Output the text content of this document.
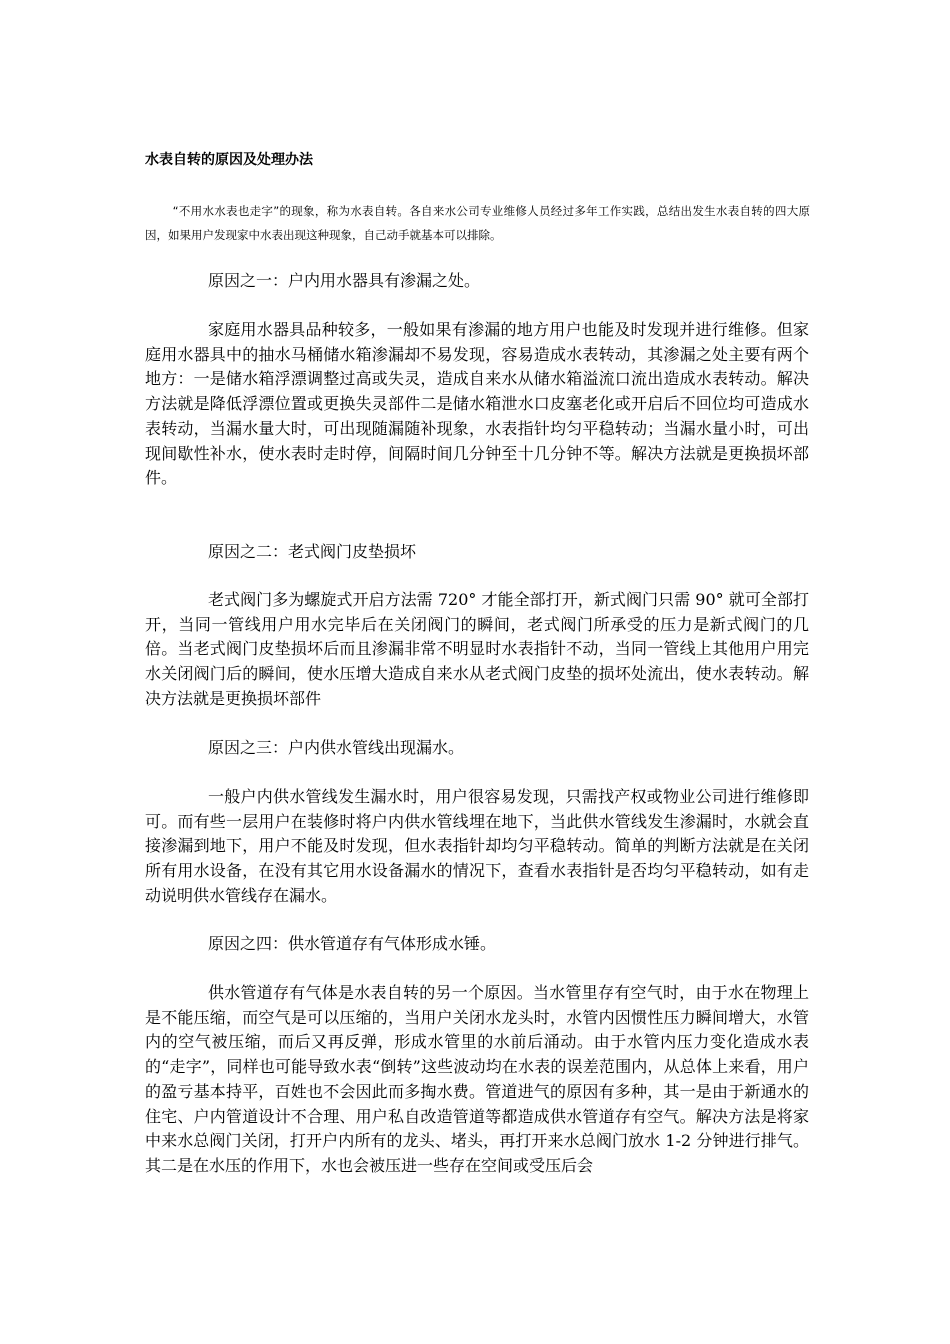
水表自转的原因及处理办法
“不用水水表也走字”的现象，称为水表自转。各自来水公司专业维修人员经过多年工作实践，总结出发生水表自转的四大原因，如果用户发现家中水表出现这种现象，自己动手就基本可以排除。
原因之一：户内用水器具有渗漏之处。
家庭用水器具品种较多，一般如果有渗漏的地方用户也能及时发现并进行维修。但家庭用水器具中的抽水马桶储水箱渗漏却不易发现，容易造成水表转动，其渗漏之处主要有两个地方：一是储水箱浮漂调整过高或失灵，造成自来水从储水箱溢流口流出造成水表转动。解决方法就是降低浮漂位置或更换失灵部件二是储水箱泄水口皮塞老化或开启后不回位均可造成水表转动，当漏水量大时，可出现随漏随补现象，水表指针均匀平稳转动；当漏水量小时，可出现间歇性补水，使水表时走时停，间隔时间几分钟至十几分钟不等。解决方法就是更换损坏部件。
原因之二：老式阀门皮垫损坏
老式阀门多为螺旋式开启方法需 720° 才能全部打开，新式阀门只需 90° 就可全部打开，当同一管线用户用水完毕后在关闭阀门的瞬间，老式阀门所承受的压力是新式阀门的几倍。当老式阀门皮垫损坏后而且渗漏非常不明显时水表指针不动，当同一管线上其他用户用完水关闭阀门后的瞬间，使水压增大造成自来水从老式阀门皮垫的损坏处流出，使水表转动。解决方法就是更换损坏部件
原因之三：户内供水管线出现漏水。
一般户内供水管线发生漏水时，用户很容易发现，只需找产权或物业公司进行维修即可。而有些一层用户在装修时将户内供水管线埋在地下，当此供水管线发生渗漏时，水就会直接渗漏到地下，用户不能及时发现，但水表指针却均匀平稳转动。简单的判断方法就是在关闭所有用水设备，在没有其它用水设备漏水的情况下，查看水表指针是否均匀平稳转动，如有走动说明供水管线存在漏水。
原因之四：供水管道存有气体形成水锤。
供水管道存有气体是水表自转的另一个原因。当水管里存有空气时，由于水在物理上是不能压缩，而空气是可以压缩的，当用户关闭水龙头时，水管内因惯性压力瞬间增大，水管内的空气被压缩，而后又再反弹，形成水管里的水前后涌动。由于水管内压力变化造成水表的“走字”，同样也可能导致水表“倒转”这些波动均在水表的误差范围内，从总体上来看，用户的盈亏基本持平，百姓也不会因此而多掏水费。管道进气的原因有多种，其一是由于新通水的住宅、户内管道设计不合理、用户私自改造管道等都造成供水管道存有空气。解决方法是将家中来水总阀门关闭，打开户内所有的龙头、堵头，再打开来水总阀门放水 1-2 分钟进行排气。其二是在水压的作用下，水也会被压进一些存在空间或受压后会
